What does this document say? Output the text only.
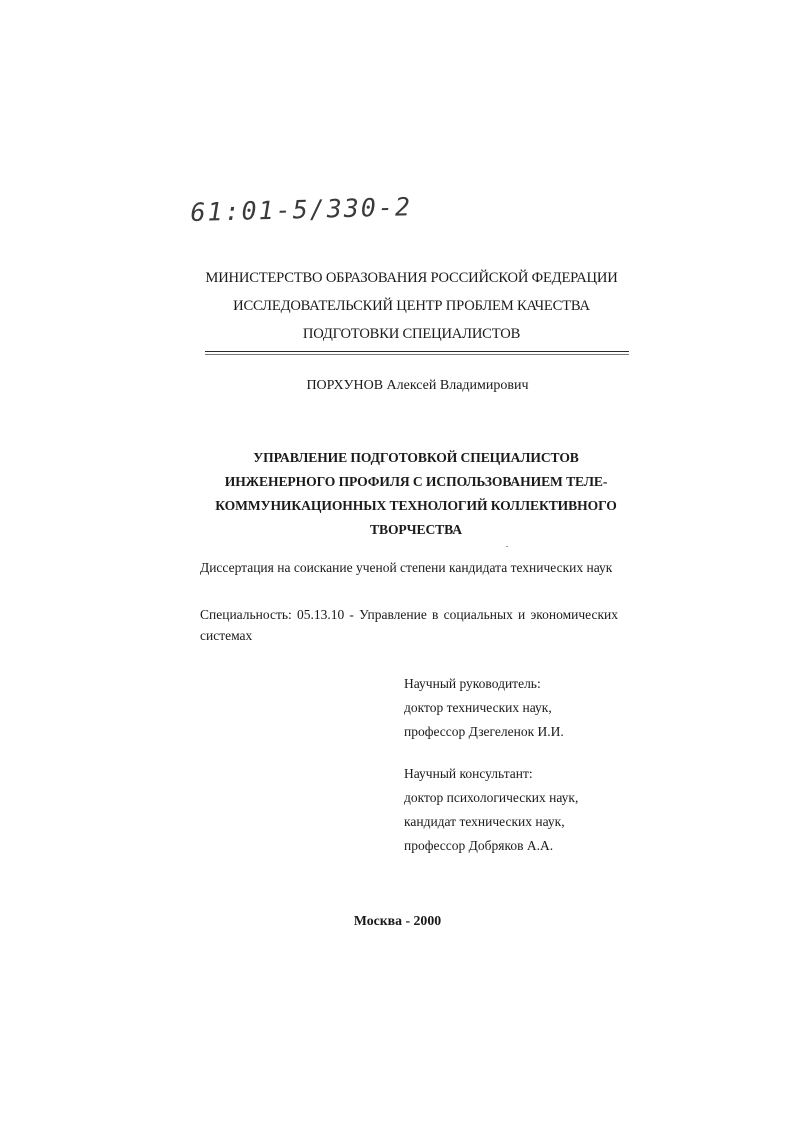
61:01-5/330-2
МИНИСТЕРСТВО ОБРАЗОВАНИЯ РОССИЙСКОЙ ФЕДЕРАЦИИ
ИССЛЕДОВАТЕЛЬСКИЙ ЦЕНТР ПРОБЛЕМ КАЧЕСТВА
ПОДГОТОВКИ СПЕЦИАЛИСТОВ
ПОРХУНОВ Алексей Владимирович
УПРАВЛЕНИЕ ПОДГОТОВКОЙ СПЕЦИАЛИСТОВ
ИНЖЕНЕРНОГО ПРОФИЛЯ С ИСПОЛЬЗОВАНИЕМ ТЕЛЕ-
КОММУНИКАЦИОННЫХ ТЕХНОЛОГИЙ КОЛЛЕКТИВНОГО
ТВОРЧЕСТВА
Диссертация на соискание ученой степени кандидата технических наук
Специальность: 05.13.10 - Управление в социальных и экономических
системах
Научный руководитель:
доктор технических наук,
профессор Дзегеленок И.И.
Научный консультант:
доктор психологических наук,
кандидат технических наук,
профессор Добряков А.А.
Москва - 2000
